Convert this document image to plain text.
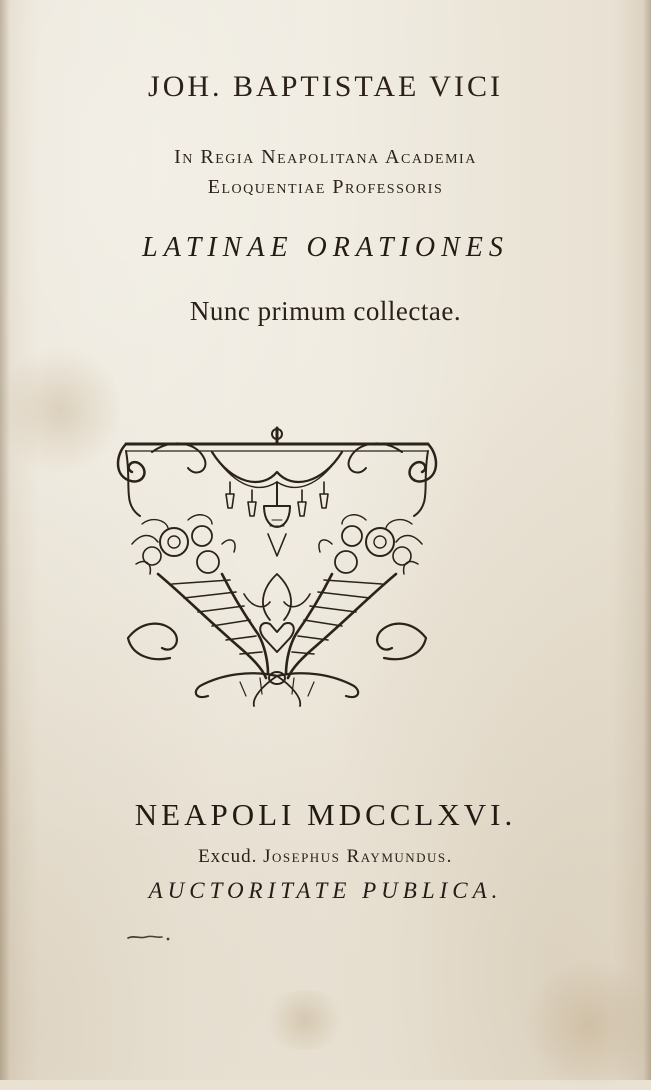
JOH. BAPTISTAE VICI
In Regia Neapolitana Academia
Eloquentiae Professoris
LATINAE ORATIONES
Nunc primum collectae.
NEAPOLI MDCCLXVI.
Excud. Josephus Raymundus.
AUCTORITATE PUBLICA.
